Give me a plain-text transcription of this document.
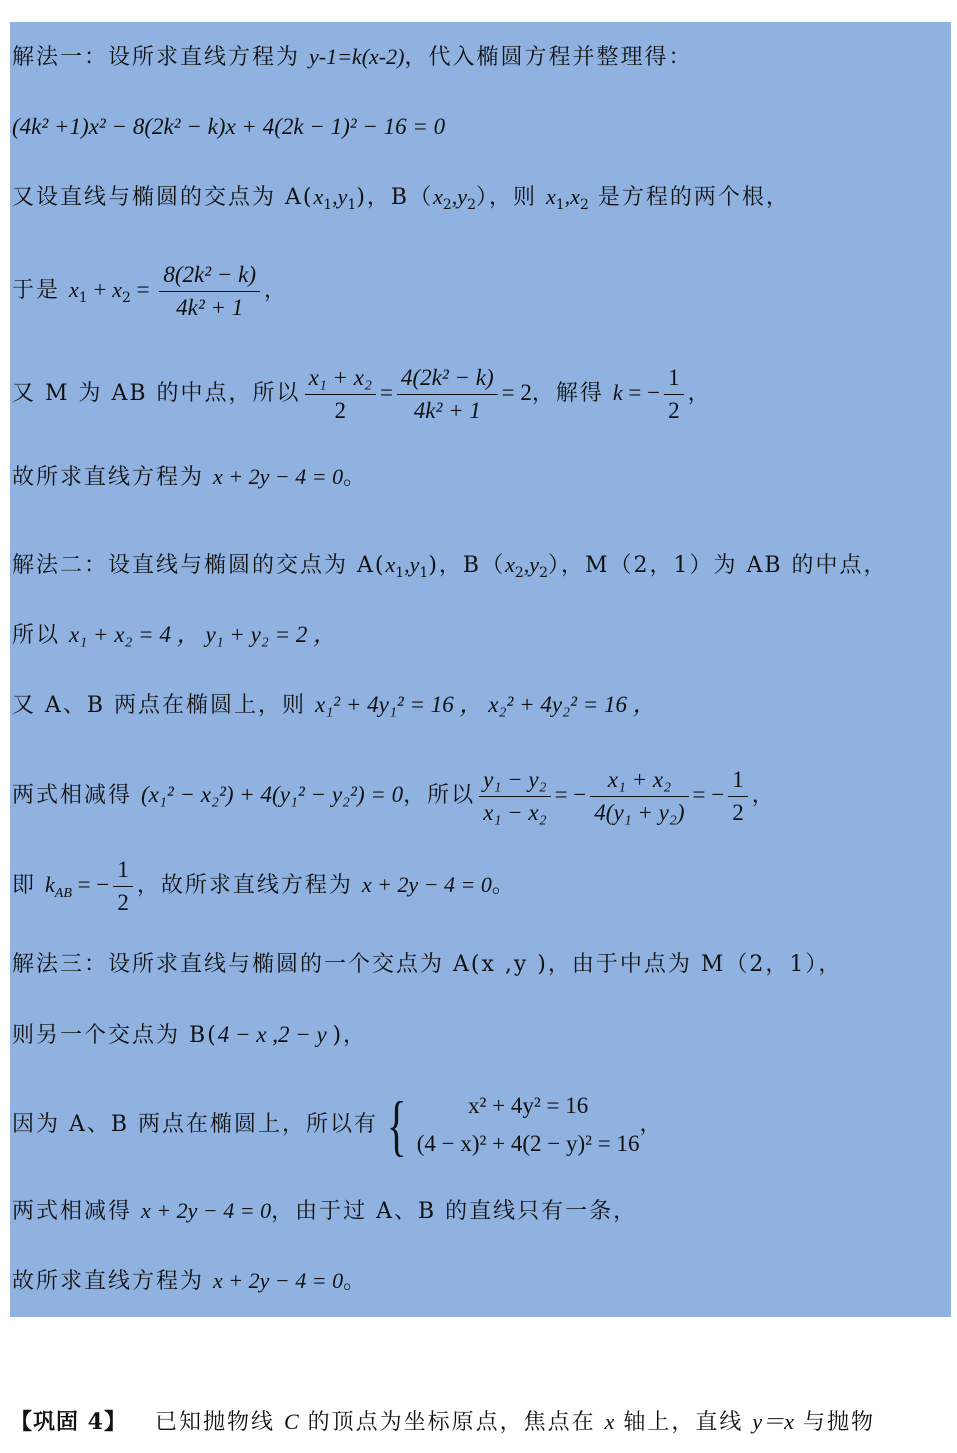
解法一：设所求直线方程为 y-1=k(x-2)，代入椭圆方程并整理得：
(4k² +1)x² − 8(2k² − k)x + 4(2k − 1)² − 16 = 0
又设直线与椭圆的交点为 $A(x_1,y_1)$，$B(x_2,y_2)$，则 $x_1,x_2$ 是方程的两个根，
于是 $x_1 + x_2 = \frac{\text{8(2k² − k)}}{\text{4k² + 1}}$ ，
又 M 为 AB 的中点，所以 $\frac{\text{x₁ + x₂}}{2} = \frac{\text{4(2k² − k)}}{\text{4k² + 1}} = 2$，解得 k = − $\frac{1}{2}$ ，
故所求直线方程为 x + 2y − 4 = 0。
解法二：设直线与椭圆的交点为 $A(x_1,y_1)$，$B(x_2,y_2)$，M（2，1）为 AB 的中点，
所以 x₁ + x₂ = 4 ， y₁ + y₂ = 2 ，
又 A、B 两点在椭圆上，则 x₁² + 4y₁² = 16 ， x₂² + 4y₂² = 16 ，
两式相减得 (x₁² − x₂²) + 4(y₁² − y₂²) = 0，所以 $\frac{\text{y₁ − y₂}}{\text{x₁ − x₂}}$ = − $\frac{\text{x₁ + x₂}}{\text{4(y₁ + y₂)}}$ = − $\frac{1}{2}$ ，
即 $k_{AB}$ = − $\frac{1}{2}$ ，故所求直线方程为 x + 2y − 4 = 0。
解法三：设所求直线与椭圆的一个交点为 A(x ,y )，由于中点为 M（2，1），
则另一个交点为 B(4 − x ,2 − y )，
因为 A、B 两点在椭圆上，所以有 {	x² + 4y² = 16
(4 − x)² + 4(2 − y)² = 16
，
两式相减得 x + 2y − 4 = 0，由于过 A、B 的直线只有一条，
故所求直线方程为 x + 2y − 4 = 0。
【巩固 4】 已知抛物线 C 的顶点为坐标原点，焦点在 x 轴上，直线 y＝x 与抛物
